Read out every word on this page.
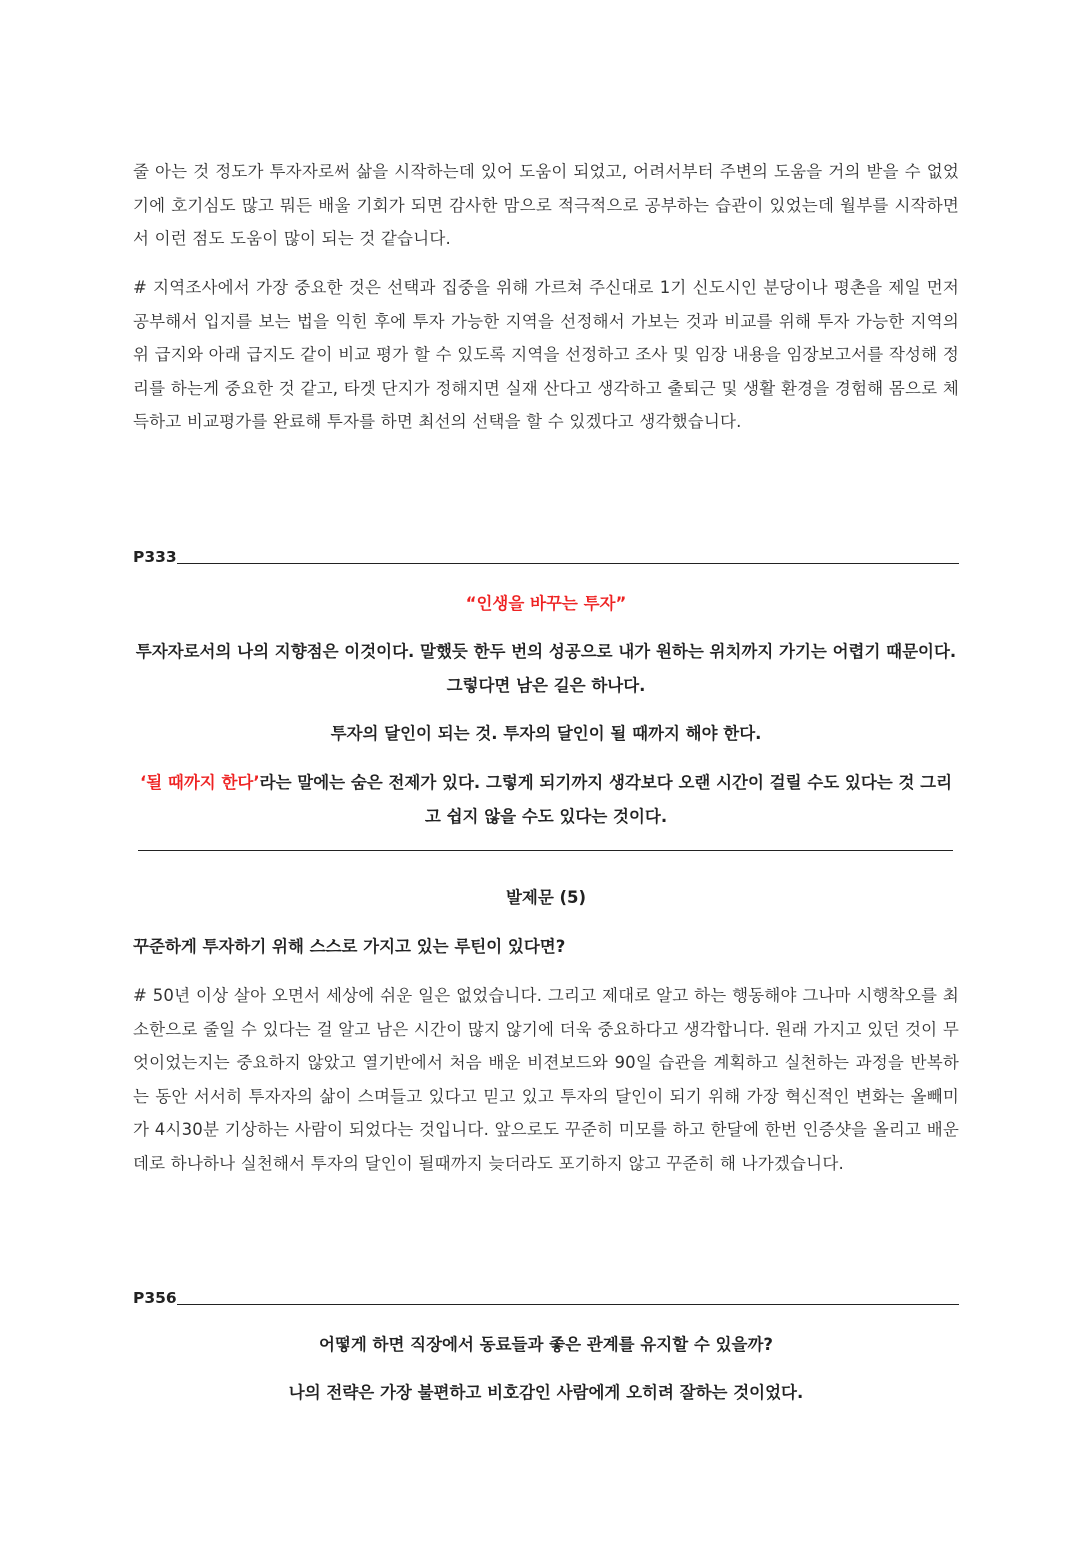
줄 아는 것 정도가 투자자로써 삶을 시작하는데 있어 도움이 되었고, 어려서부터 주변의 도움을 거의 받을 수 없었기에 호기심도 많고 뭐든 배울 기회가 되면 감사한 맘으로 적극적으로 공부하는 습관이 있었는데 월부를 시작하면서 이런 점도 도움이 많이 되는 것 같습니다.

# 지역조사에서 가장 중요한 것은 선택과 집중을 위해 가르쳐 주신대로 1기 신도시인 분당이나 평촌을 제일 먼저 공부해서 입지를 보는 법을 익힌 후에 투자 가능한 지역을 선정해서 가보는 것과 비교를 위해 투자 가능한 지역의 위 급지와 아래 급지도 같이 비교 평가 할 수 있도록 지역을 선정하고 조사 및 임장 내용을 임장보고서를 작성해 정리를 하는게 중요한 것 같고, 타겟 단지가 정해지면 실재 산다고 생각하고 출퇴근 및 생활 환경을 경험해 몸으로 체득하고 비교평가를 완료해 투자를 하면 최선의 선택을 할 수 있겠다고 생각했습니다.

P333

“인생을 바꾸는 투자”

투자자로서의 나의 지향점은 이것이다. 말했듯 한두 번의 성공으로 내가 원하는 위치까지 가기는 어렵기 때문이다. 그렇다면 남은 길은 하나다.

투자의 달인이 되는 것. 투자의 달인이 될 때까지 해야 한다.

‘될 때까지 한다’라는 말에는 숨은 전제가 있다. 그렇게 되기까지 생각보다 오랜 시간이 걸릴 수도 있다는 것 그리고 쉽지 않을 수도 있다는 것이다.

발제문 (5)

꾸준하게 투자하기 위해 스스로 가지고 있는 루틴이 있다면?

# 50년 이상 살아 오면서 세상에 쉬운 일은 없었습니다. 그리고 제대로 알고 하는 행동해야 그나마 시행착오를 최소한으로 줄일 수 있다는 걸 알고 남은 시간이 많지 않기에 더욱 중요하다고 생각합니다. 원래 가지고 있던 것이 무엇이었는지는 중요하지 않았고 열기반에서 처음 배운 비젼보드와 90일 습관을 계획하고 실천하는 과정을 반복하는 동안 서서히 투자자의 삶이 스며들고 있다고 믿고 있고 투자의 달인이 되기 위해 가장 혁신적인 변화는 올빼미가 4시30분 기상하는 사람이 되었다는 것입니다. 앞으로도 꾸준히 미모를 하고 한달에 한번 인증샷을 올리고 배운데로 하나하나 실천해서 투자의 달인이 될때까지 늦더라도 포기하지 않고 꾸준히 해 나가겠습니다.

P356

어떻게 하면 직장에서 동료들과 좋은 관계를 유지할 수 있을까?

나의 전략은 가장 불편하고 비호감인 사람에게 오히려 잘하는 것이었다.
